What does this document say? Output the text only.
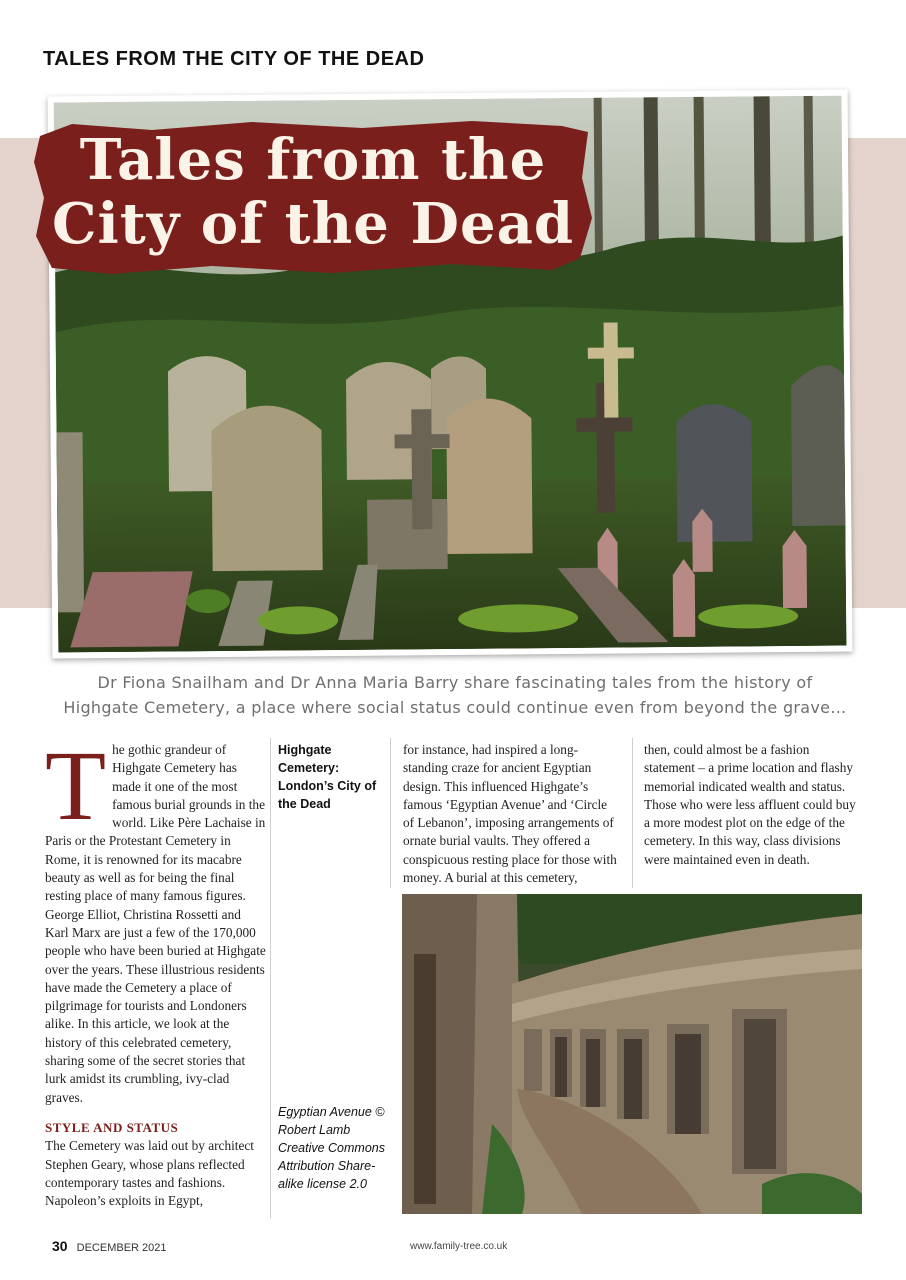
TALES FROM THE CITY OF THE DEAD
Tales from the
City of the Dead
Dr Fiona Snailham and Dr Anna Maria Barry share fascinating tales from the history of Highgate Cemetery, a place where social status could continue even from beyond the grave…
T he gothic grandeur of Highgate Cemetery has made it one of the most famous burial grounds in the world. Like Père Lachaise in Paris or the Protestant Cemetery in Rome, it is renowned for its macabre beauty as well as for being the final resting place of many famous figures. George Elliot, Christina Rossetti and Karl Marx are just a few of the 170,000 people who have been buried at Highgate over the years. These illustrious residents have made the Cemetery a place of pilgrimage for tourists and Londoners alike. In this article, we look at the history of this celebrated cemetery, sharing some of the secret stories that lurk amidst its crumbling, ivy-clad graves.

STYLE AND STATUS

The Cemetery was laid out by architect Stephen Geary, whose plans reflected contemporary tastes and fashions. Napoleon’s exploits in Egypt,

Highgate Cemetery: London’s City of the Dead

for instance, had inspired a long-standing craze for ancient Egyptian design. This influenced Highgate’s famous ‘Egyptian Avenue’ and ‘Circle of Lebanon’, imposing arrangements of ornate burial vaults. They offered a conspicuous resting place for those with money. A burial at this cemetery,

then, could almost be a fashion statement – a prime location and flashy memorial indicated wealth and status. Those who were less affluent could buy a more modest plot on the edge of the cemetery. In this way, class divisions were maintained even in death.

Egyptian Avenue © Robert Lamb Creative Commons Attribution Share-alike license 2.0
30 DECEMBER 2021	www.family-tree.co.uk
